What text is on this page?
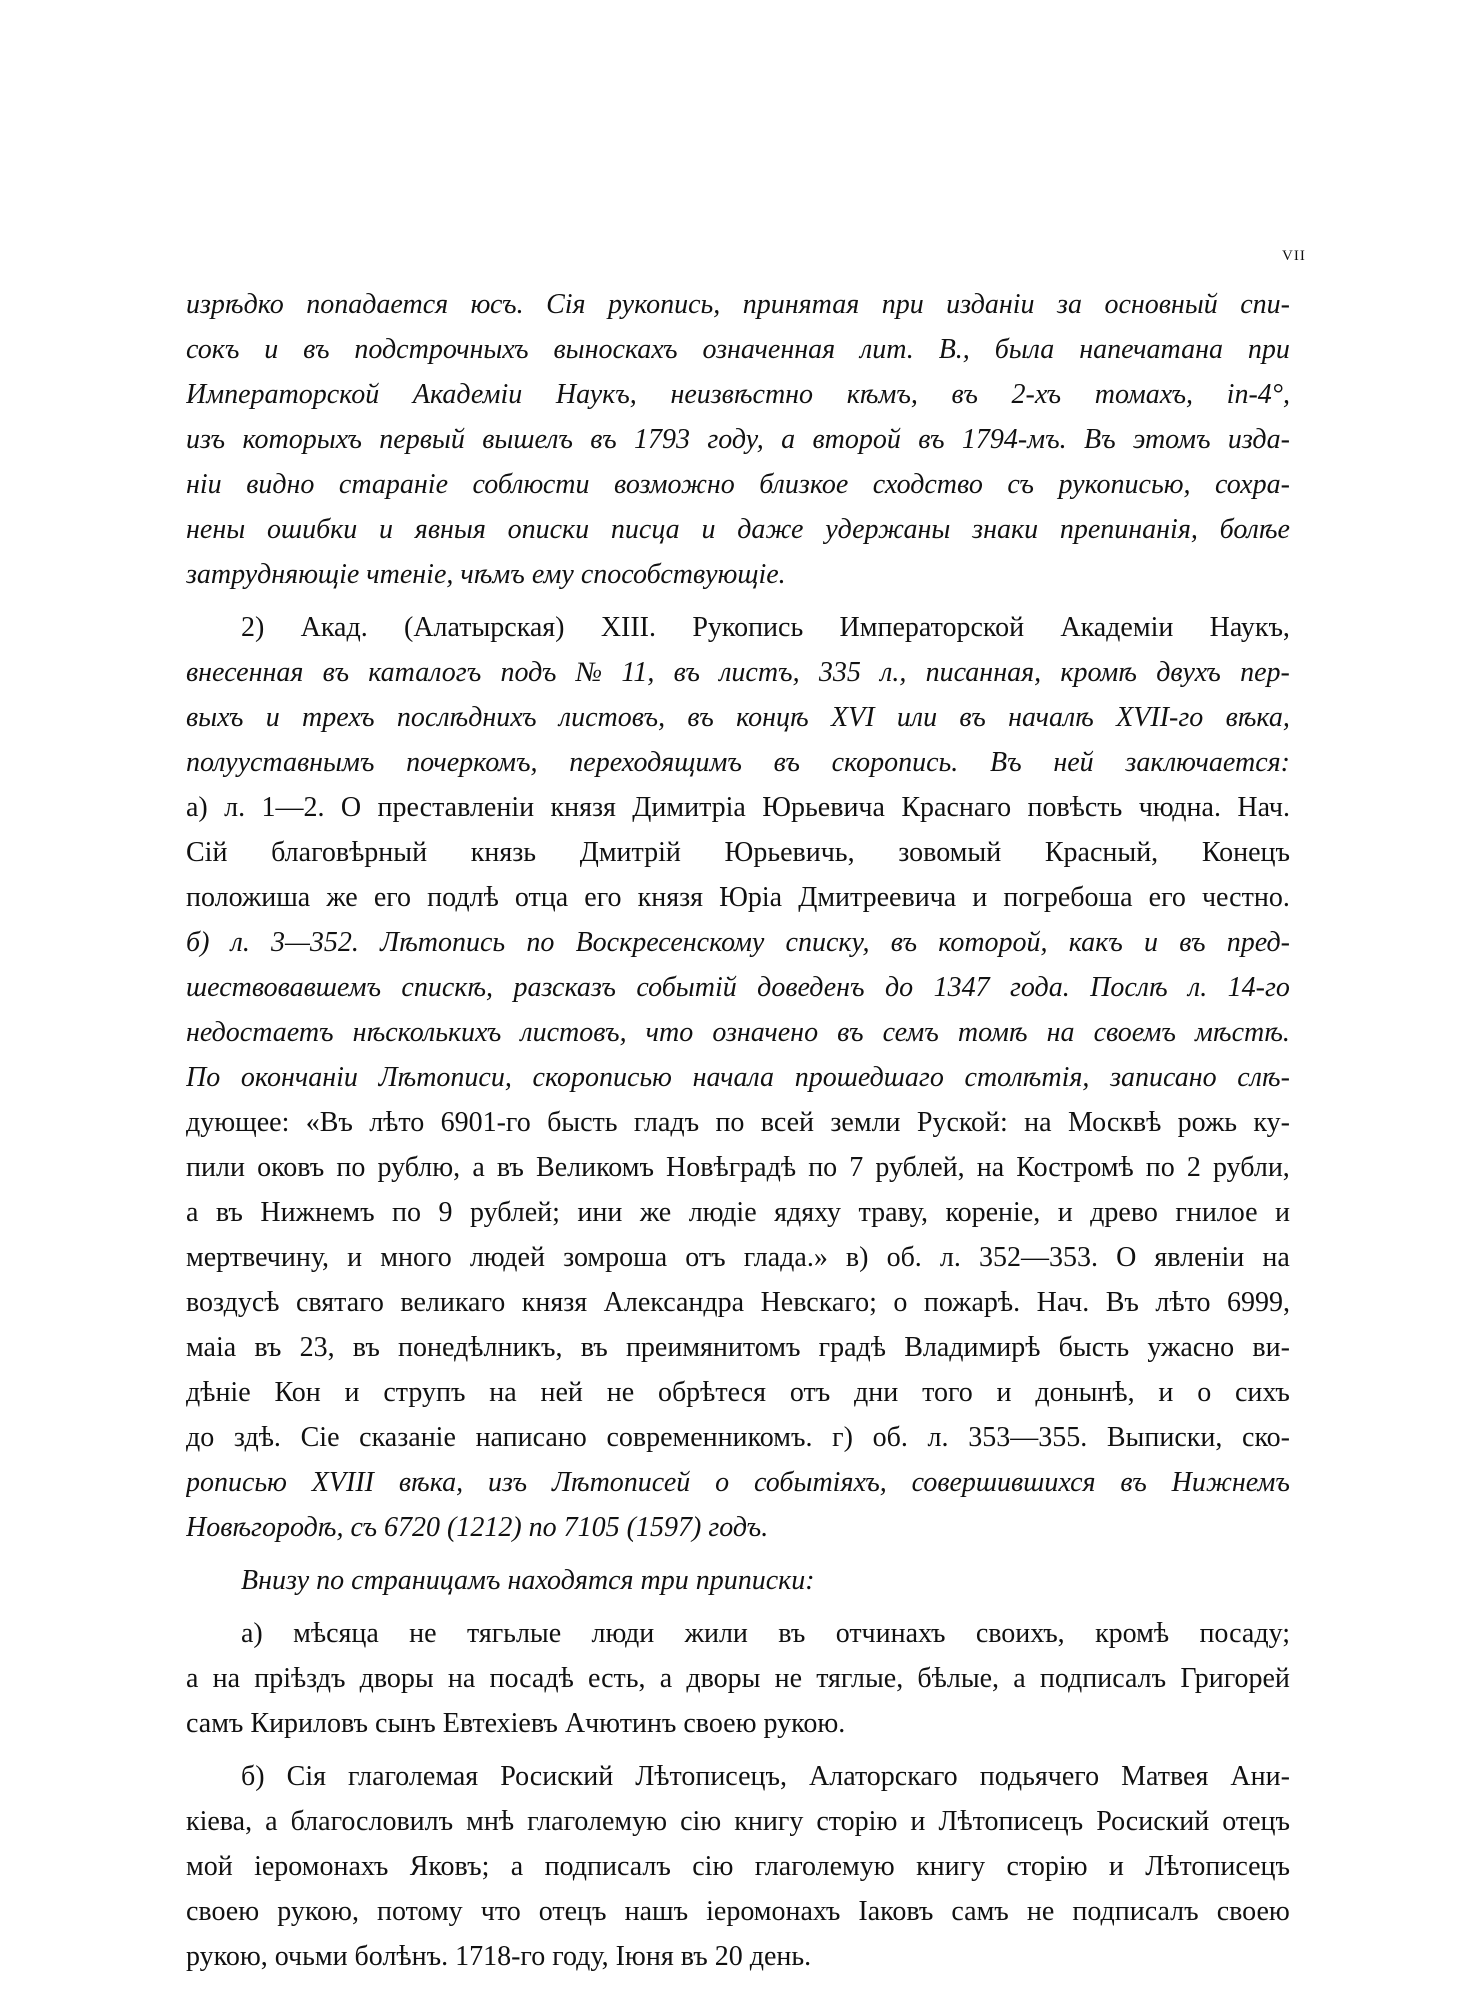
VII
изрѣдко попадается юсъ. Сія рукопись, принятая при изданіи за основный спи-
сокъ и въ подстрочныхъ выноскахъ означенная лит. В., была напечатана при
Императорской Академіи Наукъ, неизвѣстно кѣмъ, въ 2-хъ томахъ, in-4°,
изъ которыхъ первый вышелъ въ 1793 году, а второй въ 1794-мъ. Въ этомъ изда-
ніи видно стараніе соблюсти возможно близкое сходство съ рукописью, сохра-
нены ошибки и явныя описки писца и даже удержаны знаки препинанія, болѣе
затрудняющіе чтеніе, чѣмъ ему способствующіе.
2) Акад. (Алатырская) XIII. Рукопись Императорской Академіи Наукъ,
внесенная въ каталогъ подъ № 11, въ листъ, 335 л., писанная, кромѣ двухъ пер-
выхъ и трехъ послѣднихъ листовъ, въ концѣ XVI или въ началѣ XVII-го вѣка,
полууставнымъ почеркомъ, переходящимъ въ скоропись. Въ ней заключается:
а) л. 1—2. О преставленіи князя Димитріа Юрьевича Краснаго повѣсть чюдна. Нач.
Сій благовѣрный князь Дмитрій Юрьевичь, зовомый Красный, Конецъ
положиша же его подлѣ отца его князя Юріа Дмитреевича и погребоша его честно.
б) л. 3—352. Лѣтопись по Воскресенскому списку, въ которой, какъ и въ пред-
шествовавшемъ спискѣ, разсказъ событій доведенъ до 1347 года. Послѣ л. 14-го
недостаетъ нѣсколькихъ листовъ, что означено въ семъ томѣ на своемъ мѣстѣ.
По окончаніи Лѣтописи, скорописью начала прошедшаго столѣтія, записано слѣ-
дующее: «Въ лѣто 6901-го бысть гладъ по всей земли Руской: на Москвѣ рожь ку-
пили оковъ по рублю, а въ Великомъ Новѣградѣ по 7 рублей, на Костромѣ по 2 рубли,
а въ Нижнемъ по 9 рублей; ини же людіе ядяху траву, кореніе, и древо гнилое и
мертвечину, и много людей зомроша отъ глада.» в) об. л. 352—353. О явленіи на
воздусѣ святаго великаго князя Александра Невскаго; о пожарѣ. Нач. Въ лѣто 6999,
маіа въ 23, въ понедѣлникъ, въ преимянитомъ градѣ Владимирѣ бысть ужасно ви-
дѣніе Кон и струпъ на ней не обрѣтеся отъ дни того и донынѣ, и о сихъ
до здѣ. Сіе сказаніе написано современникомъ. г) об. л. 353—355. Выписки, ско-
рописью XVIII вѣка, изъ Лѣтописей о событіяхъ, совершившихся въ Нижнемъ
Новѣгородѣ, съ 6720 (1212) по 7105 (1597) годъ.
Внизу по страницамъ находятся три приписки:
а) мѣсяца не тягьлые люди жили въ отчинахъ своихъ, кромѣ посаду;
а на пріѣздъ дворы на посадѣ есть, а дворы не тяглые, бѣлые, а подписалъ Григорей
самъ Кириловъ сынъ Евтехіевъ Ачютинъ своею рукою.
б) Сія глаголемая Росиский Лѣтописецъ, Алаторскаго подьячего Матвея Ани-
кіева, а благословилъ мнѣ глаголемую сію книгу сторію и Лѣтописецъ Росиский отецъ
мой іеромонахъ Яковъ; а подписалъ сію глаголемую книгу сторію и Лѣтописецъ
своею рукою, потому что отецъ нашъ іеромонахъ Іаковъ самъ не подписалъ своею
рукою, очьми болѣнъ. 1718-го году, Іюня въ 20 день.
